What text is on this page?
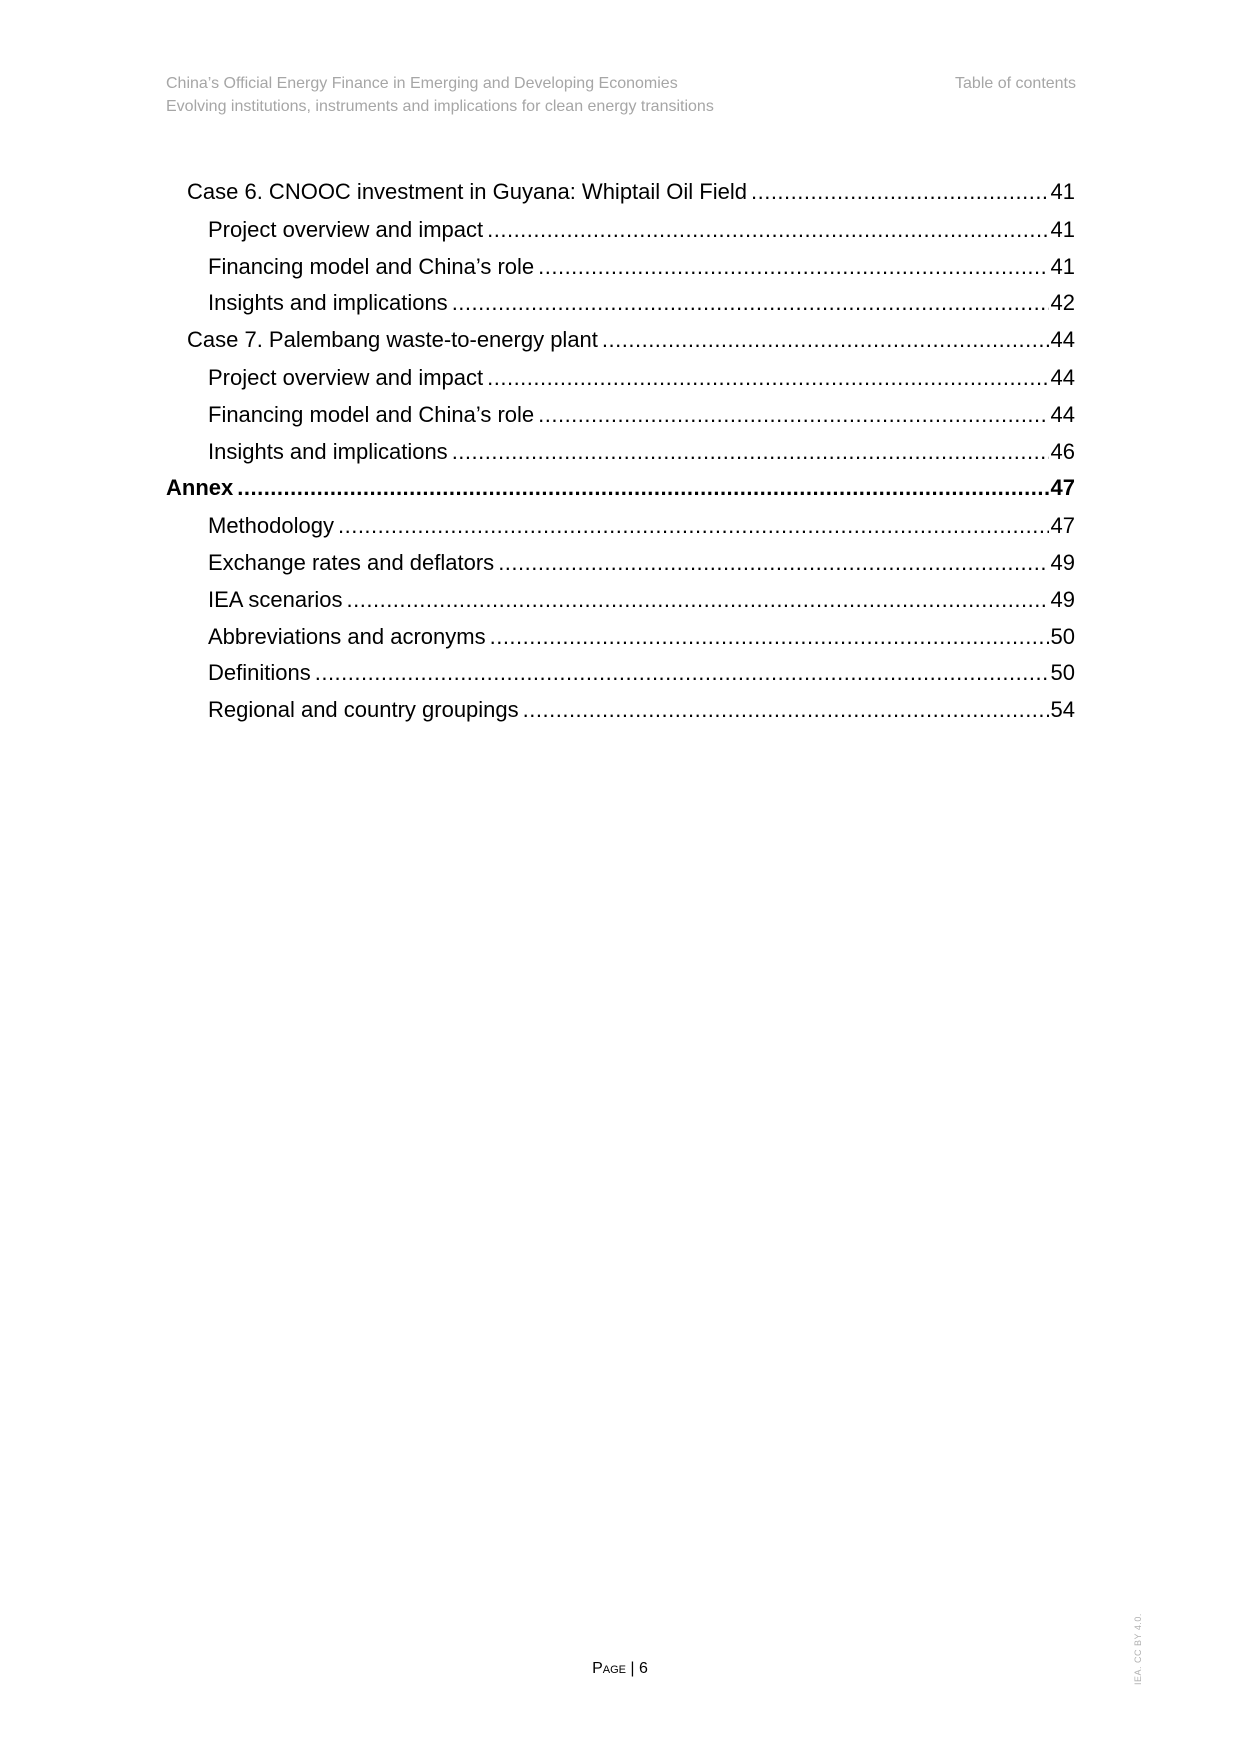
China’s Official Energy Finance in Emerging and Developing Economies
Evolving institutions, instruments and implications for clean energy transitions
Table of contents
Case 6. CNOOC investment in Guyana: Whiptail Oil Field .....	41
Project overview and impact .....	41
Financing model and China’s role .....	41
Insights and implications .....	42
Case 7. Palembang waste-to-energy plant .....	44
Project overview and impact .....	44
Financing model and China’s role .....	44
Insights and implications .....	46
Annex .....	47
Methodology .....	47
Exchange rates and deflators .....	49
IEA scenarios .....	49
Abbreviations and acronyms .....	50
Definitions .....	50
Regional and country groupings .....	54
Page | 6	IEA. CC BY 4.0.
